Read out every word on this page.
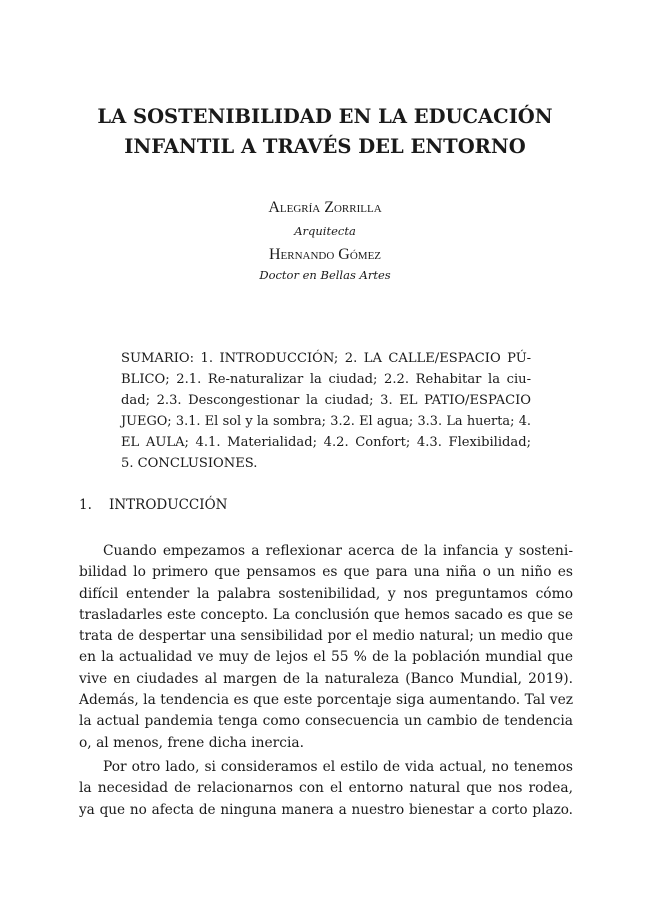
LA SOSTENIBILIDAD EN LA EDUCACIÓN
INFANTIL A TRAVÉS DEL ENTORNO
Alegría Zorrilla
Arquitecta
Hernando Gómez
Doctor en Bellas Artes
SUMARIO: 1. INTRODUCCIÓN; 2. LA CALLE/ESPACIO PÚ-
BLICO; 2.1. Re-naturalizar la ciudad; 2.2. Rehabitar la ciu-
dad; 2.3. Descongestionar la ciudad; 3. EL PATIO/ESPACIO
JUEGO; 3.1. El sol y la sombra; 3.2. El agua; 3.3. La huerta; 4.
EL AULA; 4.1. Materialidad; 4.2. Confort; 4.3. Flexibilidad;
5. CONCLUSIONES.
1. INTRODUCCIÓN
Cuando empezamos a reflexionar acerca de la infancia y sosteni-
bilidad lo primero que pensamos es que para una niña o un niño es
difícil entender la palabra sostenibilidad, y nos preguntamos cómo
trasladarles este concepto. La conclusión que hemos sacado es que se
trata de despertar una sensibilidad por el medio natural; un medio que
en la actualidad ve muy de lejos el 55 % de la población mundial que
vive en ciudades al margen de la naturaleza (Banco Mundial, 2019).
Además, la tendencia es que este porcentaje siga aumentando. Tal vez
la actual pandemia tenga como consecuencia un cambio de tendencia
o, al menos, frene dicha inercia.
Por otro lado, si consideramos el estilo de vida actual, no tenemos
la necesidad de relacionarnos con el entorno natural que nos rodea,
ya que no afecta de ninguna manera a nuestro bienestar a corto plazo.
